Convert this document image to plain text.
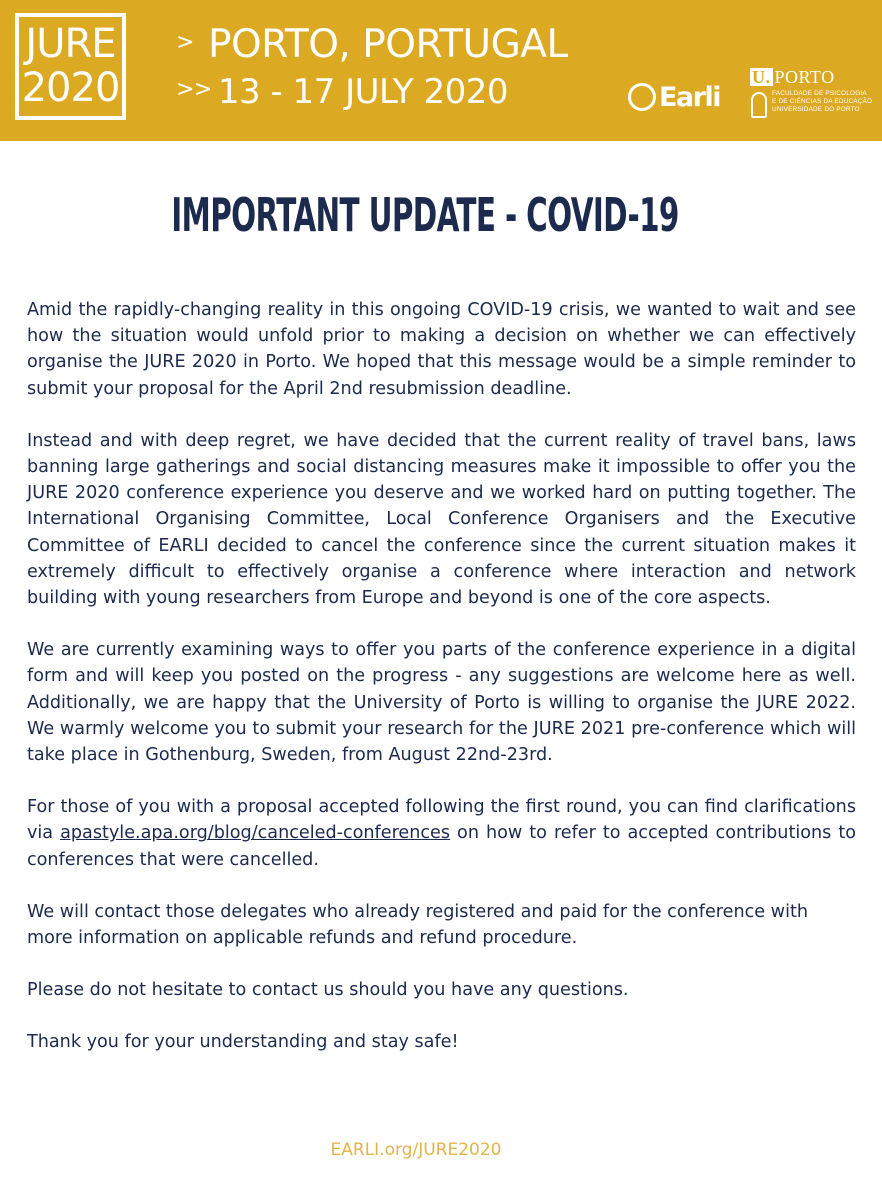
JURE
2020
> PORTO, PORTUGAL
>> 13 - 17 JULY 2020	Earli
U. PORTO
FACULDADE DE PSICOLOGIA
E DE CIÊNCIAS DA EDUCAÇÃO
UNIVERSIDADE DO PORTO
IMPORTANT UPDATE - COVID-19

Amid the rapidly-changing reality in this ongoing COVID-19 crisis, we wanted to wait and see how the situation would unfold prior to making a decision on whether we can effectively organise the JURE 2020 in Porto. We hoped that this message would be a simple reminder to submit your proposal for the April 2nd resubmission deadline.

Instead and with deep regret, we have decided that the current reality of travel bans, laws banning large gatherings and social distancing measures make it impossible to offer you the JURE 2020 conference experience you deserve and we worked hard on putting together. The International Organising Committee, Local Conference Organisers and the Executive Committee of EARLI decided to cancel the conference since the current situation makes it extremely difficult to effectively organise a conference where interaction and network building with young researchers from Europe and beyond is one of the core aspects.

We are currently examining ways to offer you parts of the conference experience in a digital form and will keep you posted on the progress - any suggestions are welcome here as well. Additionally, we are happy that the University of Porto is willing to organise the JURE 2022. We warmly welcome you to submit your research for the JURE 2021 pre-conference which will take place in Gothenburg, Sweden, from August 22nd-23rd.

For those of you with a proposal accepted following the first round, you can find clarifications via apastyle.apa.org/blog/canceled-conferences on how to refer to accepted contributions to conferences that were cancelled.

We will contact those delegates who already registered and paid for the conference with more information on applicable refunds and refund procedure.

Please do not hesitate to contact us should you have any questions.

Thank you for your understanding and stay safe!

EARLI.org/JURE2020
